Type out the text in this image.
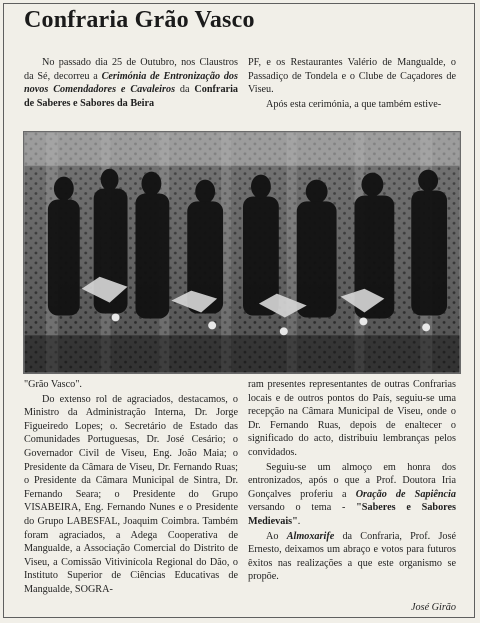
Confraria Grão Vasco

No passado dia 25 de Outubro, nos Claustros da Sé, decorreu a Cerimónia de Entronização dos novos Comendadores e Cavaleiros da Confraria de Saberes e Sabores da Beira

PF, e os Restaurantes Valério de Mangualde, o Passadiço de Tondela e o Clube de Caçadores de Viseu.

Após esta cerimónia, a que também estive-

"Grão Vasco".

Do extenso rol de agraciados, destacamos, o Ministro da Administração Interna, Dr. Jorge Figueiredo Lopes; o. Secretário de Estado das Comunidades Portuguesas, Dr. José Cesário; o Governador Civil de Viseu, Eng. João Maia; o Presidente da Câmara de Viseu, Dr. Fernando Ruas; o Presidente da Câmara Municipal de Sintra, Dr. Fernando Seara; o Presidente do Grupo VISABEIRA, Eng. Fernando Nunes e o Presidente do Grupo LABESFAL, Joaquim Coimbra. Também foram agraciados, a Adega Cooperativa de Mangualde, a Associação Comercial do Distrito de Viseu, a Comissão Vitivinícola Regional do Dão, o Instituto Superior de Ciências Educativas de Mangualde, SOGRA-

ram presentes representantes de outras Confrarias locais e de outros pontos do País, seguiu-se uma recepção na Câmara Municipal de Viseu, onde o Dr. Fernando Ruas, depois de enaltecer o significado do acto, distribuiu lembranças pelos convidados.

Seguiu-se um almoço em honra dos entronizados, após o que a Prof. Doutora Iria Gonçalves proferiu a Oração de Sapiência versando o tema - "Saberes e Sabores Medievais".

Ao Almoxarife da Confraria, Prof. José Ernesto, deixamos um abraço e votos para futuros êxitos nas realizações a que este organismo se propõe.

José Girão
